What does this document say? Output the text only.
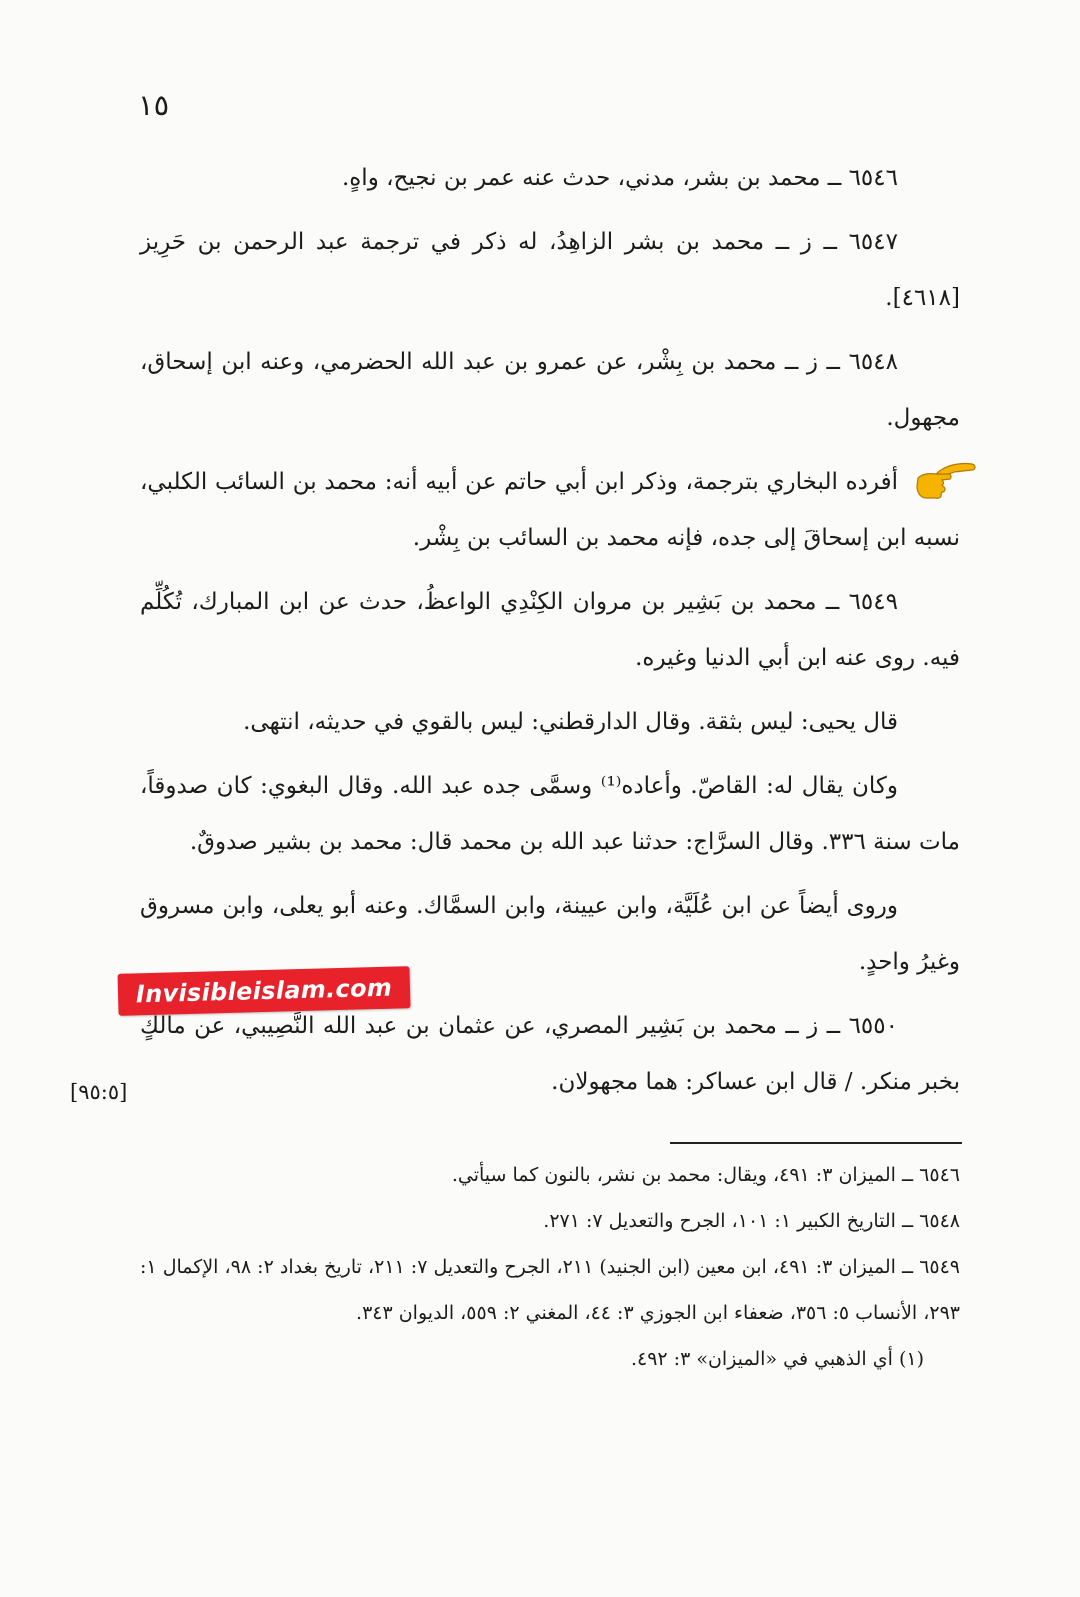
١٥

٦٥٤٦ ــ محمد بن بشر، مدني، حدث عنه عمر بن نجيح، واهٍ.

٦٥٤٧ ــ ز ــ محمد بن بشر الزاهِدُ، له ذكر في ترجمة عبد الرحمن بن حَرِيز [٤٦١٨].

٦٥٤٨ ــ ز ــ محمد بن بِشْر، عن عمرو بن عبد الله الحضرمي، وعنه ابن إسحاق، مجهول.

أفرده البخاري بترجمة، وذكر ابن أبي حاتم عن أبيه أنه: محمد بن السائب الكلبي، نسبه ابن إسحاقَ إلى جده، فإنه محمد بن السائب بن بِشْر.

٦٥٤٩ ــ محمد بن بَشِير بن مروان الكِنْدِي الواعظُ، حدث عن ابن المبارك، تُكُلِّم فيه. روى عنه ابن أبي الدنيا وغيره.

قال يحيى: ليس بثقة. وقال الدارقطني: ليس بالقوي في حديثه، انتهى.

وكان يقال له: القاصّ. وأعاده⁽¹⁾ وسمَّى جده عبد الله. وقال البغوي: كان صدوقاً، مات سنة ٣٣٦. وقال السرَّاج: حدثنا عبد الله بن محمد قال: محمد بن بشير صدوقٌ.

وروى أيضاً عن ابن عُلَيَّة، وابن عيينة، وابن السمَّاك. وعنه أبو يعلى، وابن مسروق وغيرُ واحدٍ.

٦٥٥٠ ــ ز ــ محمد بن بَشِير المصري، عن عثمان بن عبد الله النَّصِيبي، عن مالكٍ بخبر منكر. / قال ابن عساكر: هما مجهولان.

Invisibleislam.com
[٩٥:٥]

٦٥٤٦ ــ الميزان ٣: ٤٩١، ويقال: محمد بن نشر، بالنون كما سيأتي.

٦٥٤٨ ــ التاريخ الكبير ١: ١٠١، الجرح والتعديل ٧: ٢٧١.

٦٥٤٩ ــ الميزان ٣: ٤٩١، ابن معين (ابن الجنيد) ٢١١، الجرح والتعديل ٧: ٢١١، تاريخ بغداد ٢: ٩٨، الإكمال ١: ٢٩٣، الأنساب ٥: ٣٥٦، ضعفاء ابن الجوزي ٣: ٤٤، المغني ٢: ٥٥٩، الديوان ٣٤٣.

(١) أي الذهبي في «الميزان» ٣: ٤٩٢.
